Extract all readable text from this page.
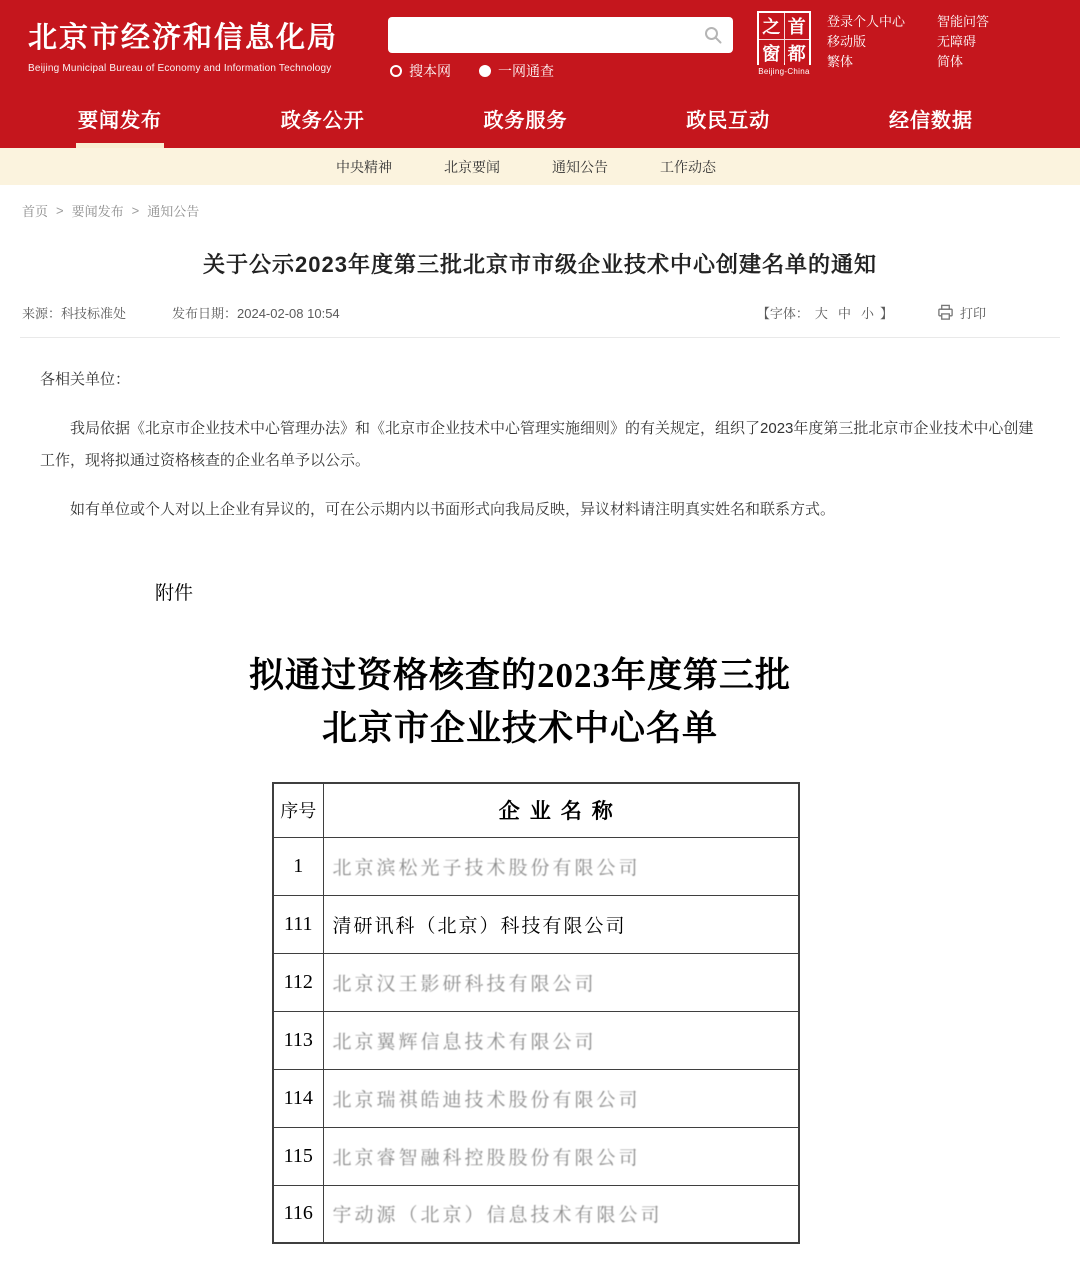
北京市经济和信息化局
Beijing Municipal Bureau of Economy and Information Technology	搜本网	一网通查
之 首
窗 都
Beijing-China
登录个人中心	智能问答
移动版	无障碍
繁体	简体
要闻发布	政务公开	政务服务	政民互动	经信数据
中央精神	北京要闻	通知公告	工作动态
首页 > 要闻发布 > 通知公告
关于公示2023年度第三批北京市市级企业技术中心创建名单的通知
来源：科技标准处	发布日期：2024-02-08 10:54	【字体： 大 中 小 】	打印

各相关单位：

我局依据《北京市企业技术中心管理办法》和《北京市企业技术中心管理实施细则》的有关规定，组织了2023年度第三批北京市企业技术中心创建工作，现将拟通过资格核查的企业名单予以公示。

如有单位或个人对以上企业有异议的，可在公示期内以书面形式向我局反映，异议材料请注明真实姓名和联系方式。

附件
拟通过资格核查的2023年度第三批
北京市企业技术中心名单
序号	企业名称
1	北京滨松光子技术股份有限公司
111	清研讯科（北京）科技有限公司
112	北京汉王影研科技有限公司
113	北京翼辉信息技术有限公司
114	北京瑞祺皓迪技术股份有限公司
115	北京睿智融科控股股份有限公司
116	宇动源（北京）信息技术有限公司
